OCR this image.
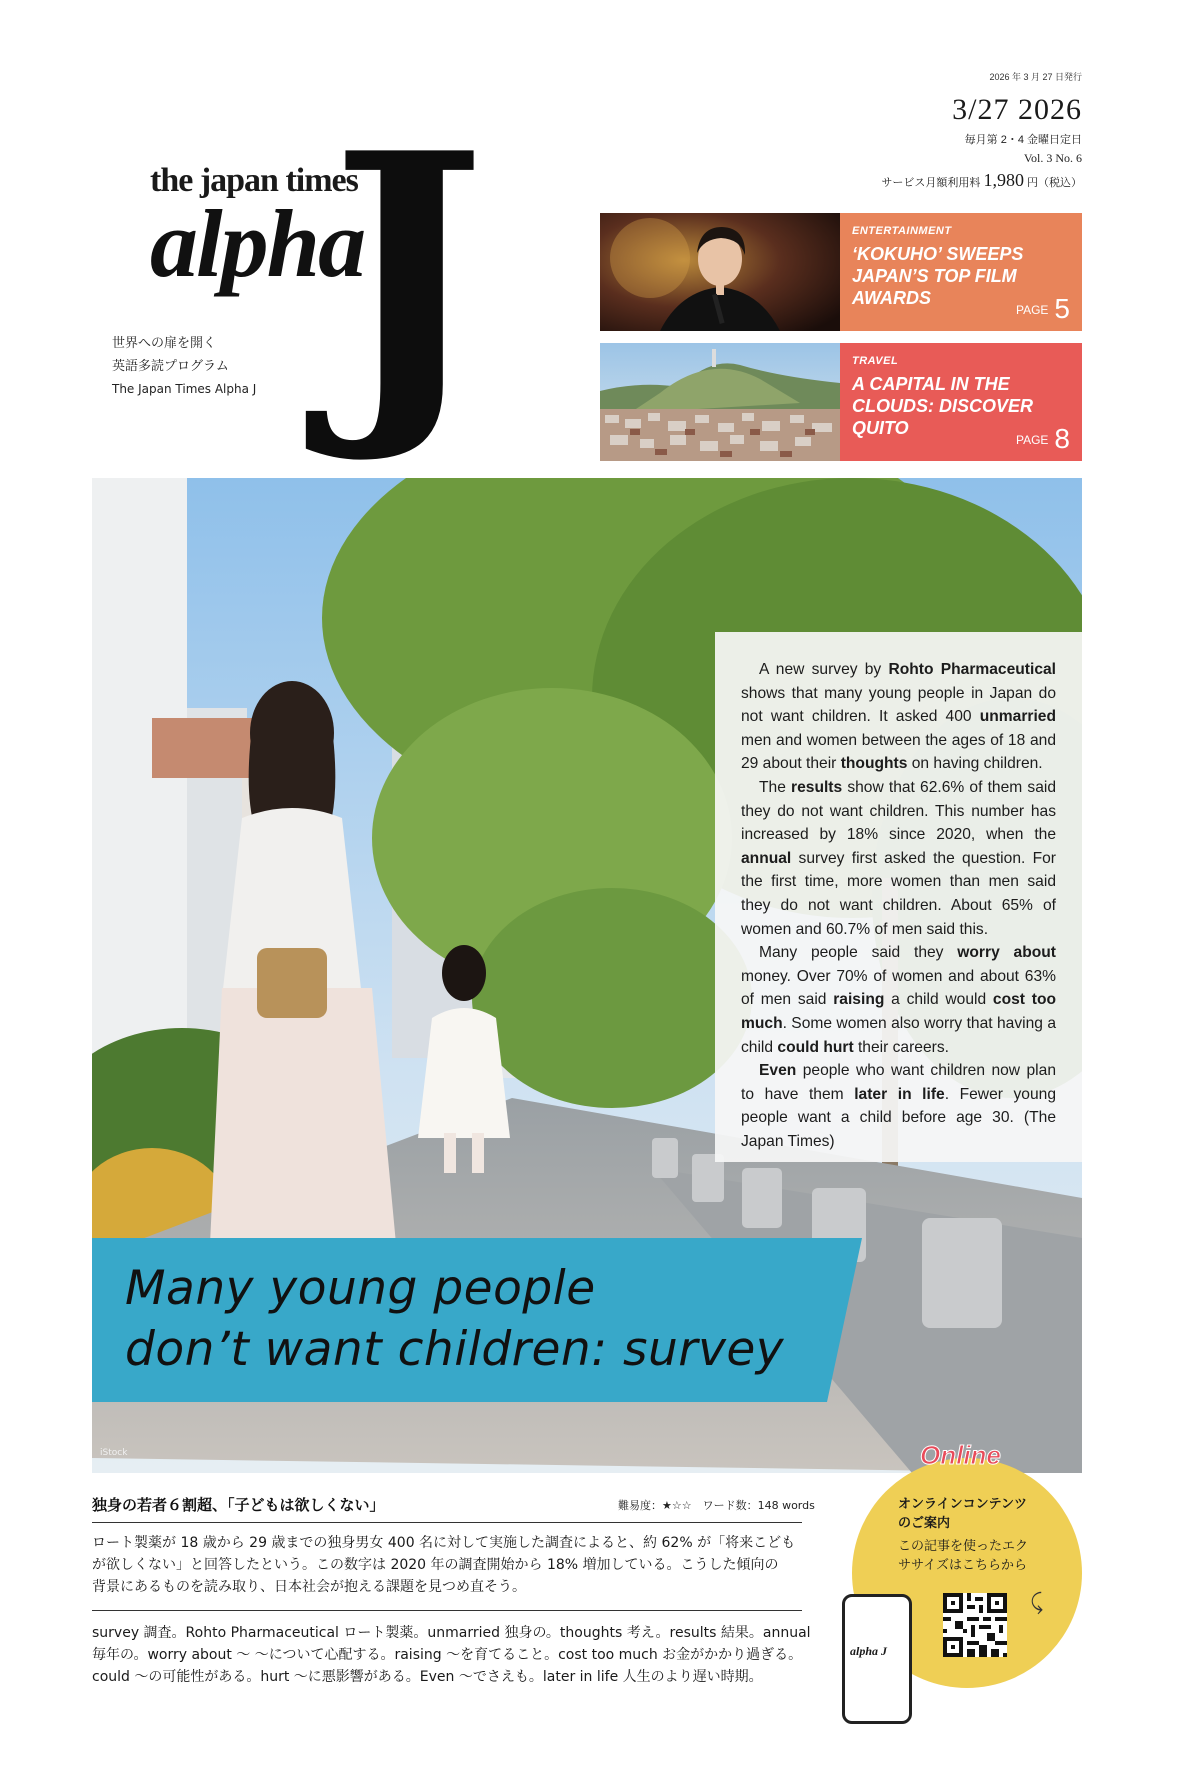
the japan times
alpha
J
世界への扉を開く
英語多読プログラム
The Japan Times Alpha J
2026 年 3 月 27 日発行
3/27 2026
毎月第 2・4 金曜日定日
Vol. 3 No. 6
サービス月額利用料 1,980 円（税込）
ENTERTAINMENT
‘KOKUHO’ SWEEPS JAPAN’S TOP FILM AWARDS
PAGE 5
TRAVEL
A CAPITAL IN THE CLOUDS: DISCOVER QUITO
PAGE 8

A new survey by Rohto Pharmaceutical shows that many young people in Japan do not want children. It asked 400 unmarried men and women between the ages of 18 and 29 about their thoughts on having children.

The results show that 62.6% of them said they do not want children. This number has increased by 18% since 2020, when the annual survey first asked the question. For the first time, more women than men said they do not want children. About 65% of women and 60.7% of men said this.

Many people said they worry about money. Over 70% of women and about 63% of men said raising a child would cost too much. Some women also worry that having a child could hurt their careers.

Even people who want children now plan to have them later in life. Fewer young people want a child before age 30. (The Japan Times)

Many young people
don’t want children: survey
iStock
独身の若者６割超、「子どもは欲しくない」	難易度：★☆☆　ワード数：148 words
ロート製薬が 18 歳から 29 歳までの独身男女 400 名に対して実施した調査によると、約 62% が「将来こども
が欲しくない」と回答したという。この数字は 2020 年の調査開始から 18% 増加している。こうした傾向の
背景にあるものを読み取り、日本社会が抱える課題を見つめ直そう。
survey 調査。Rohto Pharmaceutical ロート製薬。unmarried 独身の。thoughts 考え。results 結果。annual
毎年の。worry about ～ ～について心配する。raising ～を育てること。cost too much お金がかかり過ぎる。
could ～の可能性がある。hurt ～に悪影響がある。Even ～でさえも。later in life 人生のより遅い時期。
Online
オンラインコンテンツ
のご案内
この記事を使ったエク
ササイズはこちらから
alpha J
⤹
